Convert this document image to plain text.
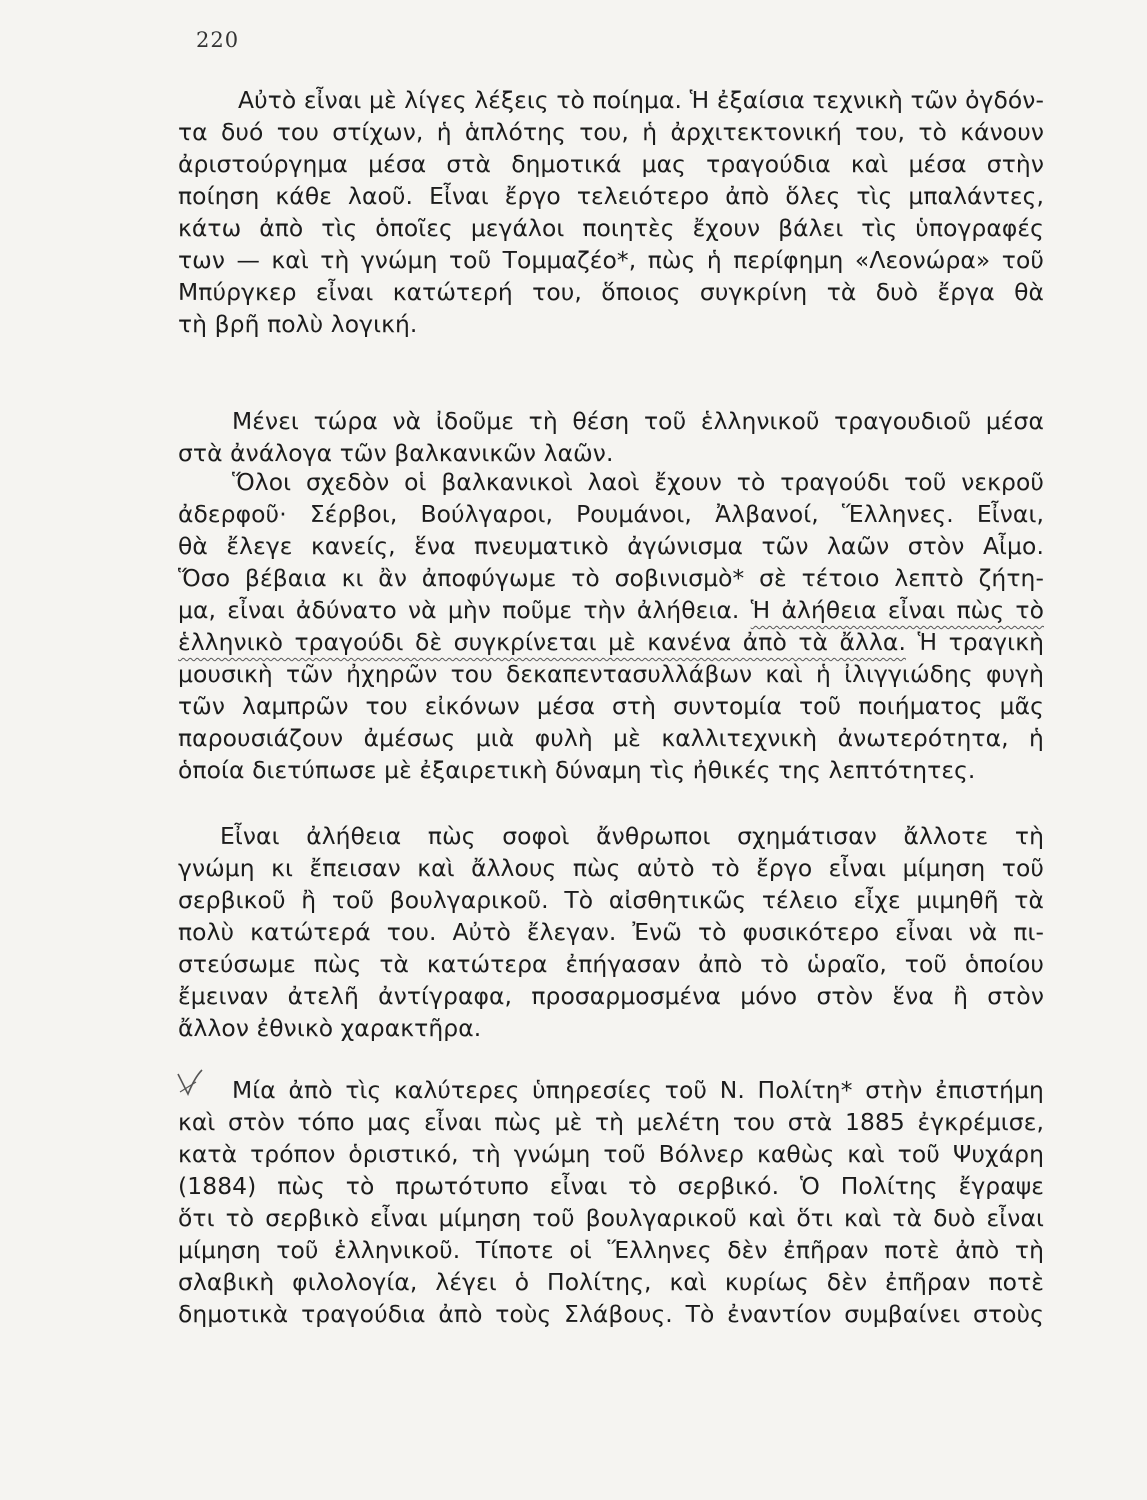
220
Αὐτὸ εἶναι μὲ λίγες λέξεις τὸ ποίημα. Ἡ ἐξαίσια τεχνικὴ τῶν ὀγδόν-
τα δυό του στίχων, ἡ ἁπλότης του, ἡ ἀρχιτεκτονική του, τὸ κάνουν
ἀριστούργημα μέσα στὰ δημοτικά μας τραγούδια καὶ μέσα στὴν
ποίηση κάθε λαοῦ. Εἶναι ἔργο τελειότερο ἀπὸ ὅλες τὶς μπαλάντες,
κάτω ἀπὸ τὶς ὁποῖες μεγάλοι ποιητὲς ἔχουν βάλει τὶς ὑπογραφές
των — καὶ τὴ γνώμη τοῦ Τομμαζέο*, πὼς ἡ περίφημη «Λεονώρα» τοῦ
Μπύργκερ εἶναι κατώτερή του, ὅποιος συγκρίνη τὰ δυὸ ἔργα θὰ
τὴ βρῆ πολὺ λογική.
Μένει τώρα νὰ ἰδοῦμε τὴ θέση τοῦ ἑλληνικοῦ τραγουδιοῦ μέσα
στὰ ἀνάλογα τῶν βαλκανικῶν λαῶν.
Ὅλοι σχεδὸν οἱ βαλκανικοὶ λαοὶ ἔχουν τὸ τραγούδι τοῦ νεκροῦ
ἀδερφοῦ· Σέρβοι, Βούλγαροι, Ρουμάνοι, Ἀλβανοί, Ἕλληνες. Εἶναι,
θὰ ἔλεγε κανείς, ἕνα πνευματικὸ ἀγώνισμα τῶν λαῶν στὸν Αἶμο.
Ὅσο βέβαια κι ἂν ἀποφύγωμε τὸ σοβινισμὸ* σὲ τέτοιο λεπτὸ ζήτη-
μα, εἶναι ἀδύνατο νὰ μὴν ποῦμε τὴν ἀλήθεια. Ἡ ἀλήθεια εἶναι πὼς τὸ
ἑλληνικὸ τραγούδι δὲ συγκρίνεται μὲ κανένα ἀπὸ τὰ ἄλλα. Ἡ τραγικὴ
μουσικὴ τῶν ἠχηρῶν του δεκαπεντασυλλάβων καὶ ἡ ἰλιγγιώδης φυγὴ
τῶν λαμπρῶν του εἰκόνων μέσα στὴ συντομία τοῦ ποιήματος μᾶς
παρουσιάζουν ἀμέσως μιὰ φυλὴ μὲ καλλιτεχνικὴ ἀνωτερότητα, ἡ
ὁποία διετύπωσε μὲ ἐξαιρετικὴ δύναμη τὶς ἠθικές της λεπτότητες.
Εἶναι ἀλήθεια πὼς σοφοὶ ἄνθρωποι σχημάτισαν ἄλλοτε τὴ
γνώμη κι ἔπεισαν καὶ ἄλλους πὼς αὐτὸ τὸ ἔργο εἶναι μίμηση τοῦ
σερβικοῦ ἢ τοῦ βουλγαρικοῦ. Τὸ αἰσθητικῶς τέλειο εἶχε μιμηθῆ τὰ
πολὺ κατώτερά του. Αὐτὸ ἔλεγαν. Ἐνῶ τὸ φυσικότερο εἶναι νὰ πι-
στεύσωμε πὼς τὰ κατώτερα ἐπήγασαν ἀπὸ τὸ ὡραῖο, τοῦ ὁποίου
ἔμειναν ἀτελῆ ἀντίγραφα, προσαρμοσμένα μόνο στὸν ἕνα ἢ στὸν
ἄλλον ἐθνικὸ χαρακτῆρα.
Μία ἀπὸ τὶς καλύτερες ὑπηρεσίες τοῦ Ν. Πολίτη* στὴν ἐπιστήμη
καὶ στὸν τόπο μας εἶναι πὼς μὲ τὴ μελέτη του στὰ 1885 ἐγκρέμισε,
κατὰ τρόπον ὁριστικό, τὴ γνώμη τοῦ Βόλνερ καθὼς καὶ τοῦ Ψυχάρη
(1884) πὼς τὸ πρωτότυπο εἶναι τὸ σερβικό. Ὁ Πολίτης ἔγραψε
ὅτι τὸ σερβικὸ εἶναι μίμηση τοῦ βουλγαρικοῦ καὶ ὅτι καὶ τὰ δυὸ εἶναι
μίμηση τοῦ ἑλληνικοῦ. Τίποτε οἱ Ἕλληνες δὲν ἐπῆραν ποτὲ ἀπὸ τὴ
σλαβικὴ φιλολογία, λέγει ὁ Πολίτης, καὶ κυρίως δὲν ἐπῆραν ποτὲ
δημοτικὰ τραγούδια ἀπὸ τοὺς Σλάβους. Τὸ ἐναντίον συμβαίνει στοὺς
